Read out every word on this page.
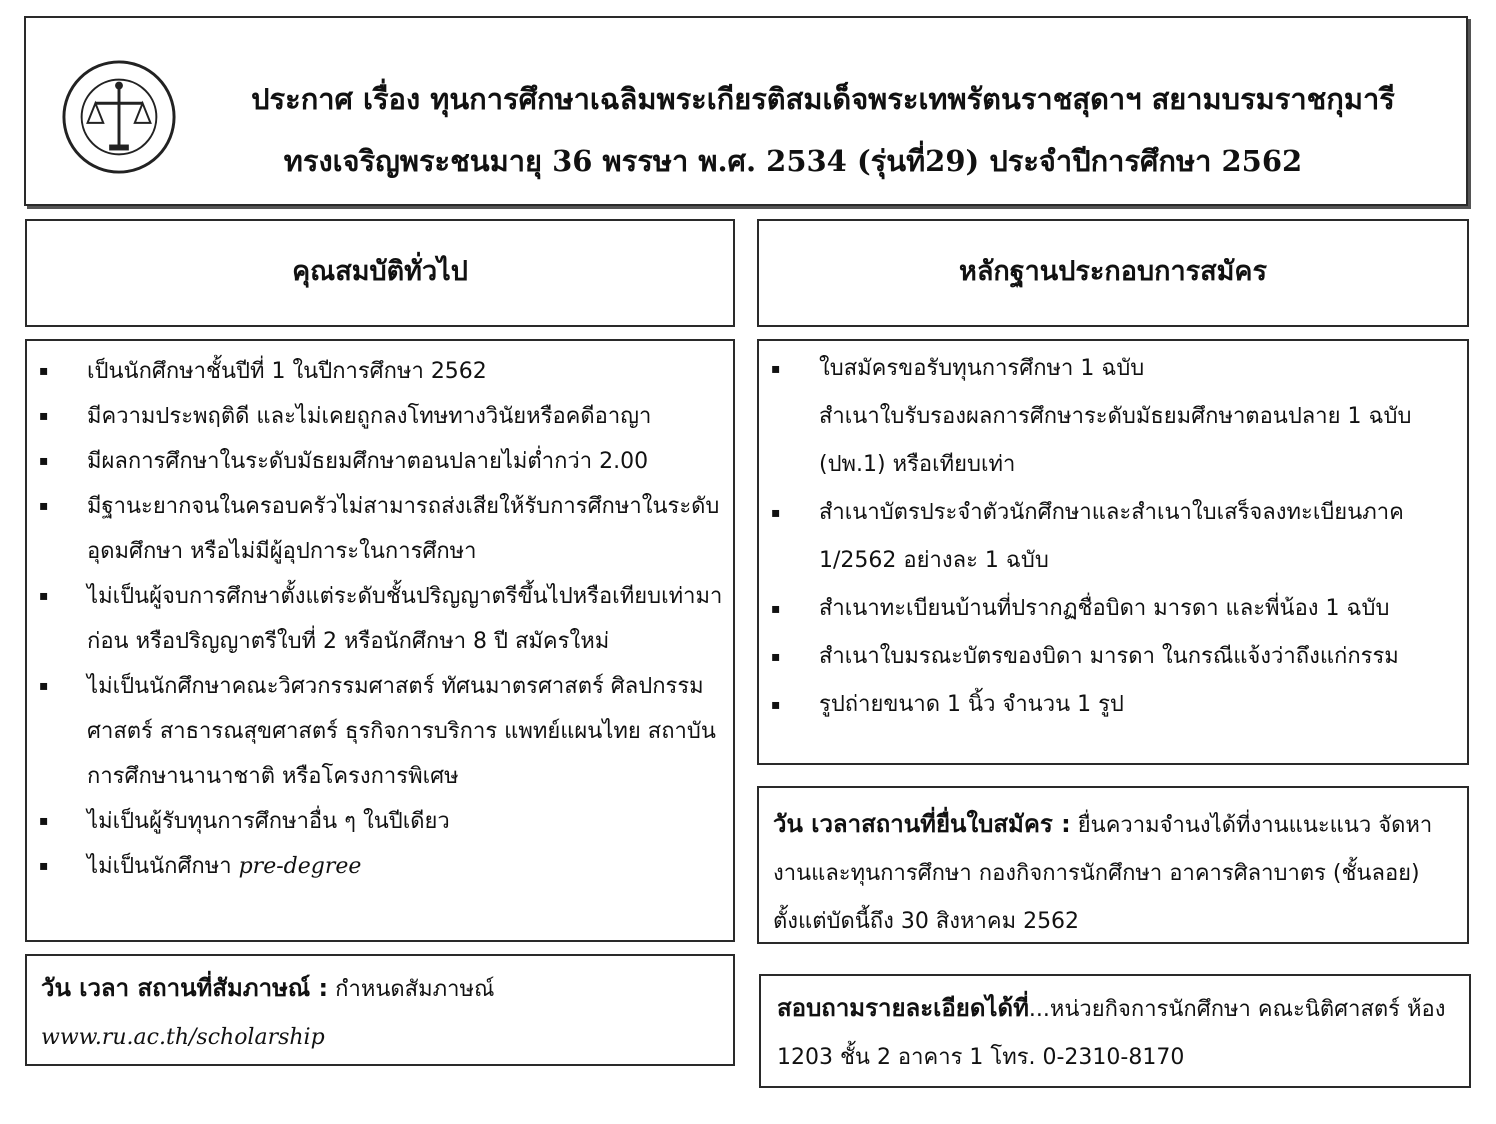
ประกาศ เรื่อง ทุนการศึกษาเฉลิมพระเกียรติสมเด็จพระเทพรัตนราชสุดาฯ สยามบรมราชกุมารี
ทรงเจริญพระชนมายุ 36 พรรษา พ.ศ. 2534 (รุ่นที่29) ประจำปีการศึกษา 2562
คุณสมบัติทั่วไป	หลักฐานประกอบการสมัคร
▪ เป็นนักศึกษาชั้นปีที่ 1 ในปีการศึกษา 2562
▪ มีความประพฤติดี และไม่เคยถูกลงโทษทางวินัยหรือคดีอาญา
▪ มีผลการศึกษาในระดับมัธยมศึกษาตอนปลายไม่ต่ำกว่า 2.00
▪ มีฐานะยากจนในครอบครัวไม่สามารถส่งเสียให้รับการศึกษาในระดับอุดมศึกษา หรือไม่มีผู้อุปการะในการศึกษา
▪ ไม่เป็นผู้จบการศึกษาตั้งแต่ระดับชั้นปริญญาตรีขึ้นไปหรือเทียบเท่ามาก่อน หรือปริญญาตรีใบที่ 2 หรือนักศึกษา 8 ปี สมัครใหม่
▪ ไม่เป็นนักศึกษาคณะวิศวกรรมศาสตร์ ทัศนมาตรศาสตร์ ศิลปกรรมศาสตร์ สาธารณสุขศาสตร์ ธุรกิจการบริการ แพทย์แผนไทย สถาบันการศึกษานานาชาติ หรือโครงการพิเศษ
▪ ไม่เป็นผู้รับทุนการศึกษาอื่น ๆ ในปีเดียว
▪ ไม่เป็นนักศึกษา pre-degree
▪ ใบสมัครขอรับทุนการศึกษา 1 ฉบับ
สำเนาใบรับรองผลการศึกษาระดับมัธยมศึกษาตอนปลาย 1 ฉบับ (ปพ.1) หรือเทียบเท่า
▪ สำเนาบัตรประจำตัวนักศึกษาและสำเนาใบเสร็จลงทะเบียนภาค 1/2562 อย่างละ 1 ฉบับ
▪ สำเนาทะเบียนบ้านที่ปรากฏชื่อบิดา มารดา และพี่น้อง 1 ฉบับ
▪ สำเนาใบมรณะบัตรของบิดา มารดา ในกรณีแจ้งว่าถึงแก่กรรม
▪ รูปถ่ายขนาด 1 นิ้ว จำนวน 1 รูป
วัน เวลา สถานที่สัมภาษณ์ : กำหนดสัมภาษณ์
www.ru.ac.th/scholarship
วัน เวลาสถานที่ยื่นใบสมัคร : ยื่นความจำนงได้ที่งานแนะแนว จัดหางานและทุนการศึกษา กองกิจการนักศึกษา อาคารศิลาบาตร (ชั้นลอย) ตั้งแต่บัดนี้ถึง 30 สิงหาคม 2562
สอบถามรายละเอียดได้ที่...หน่วยกิจการนักศึกษา คณะนิติศาสตร์ ห้อง 1203 ชั้น 2 อาคาร 1 โทร. 0-2310-8170
